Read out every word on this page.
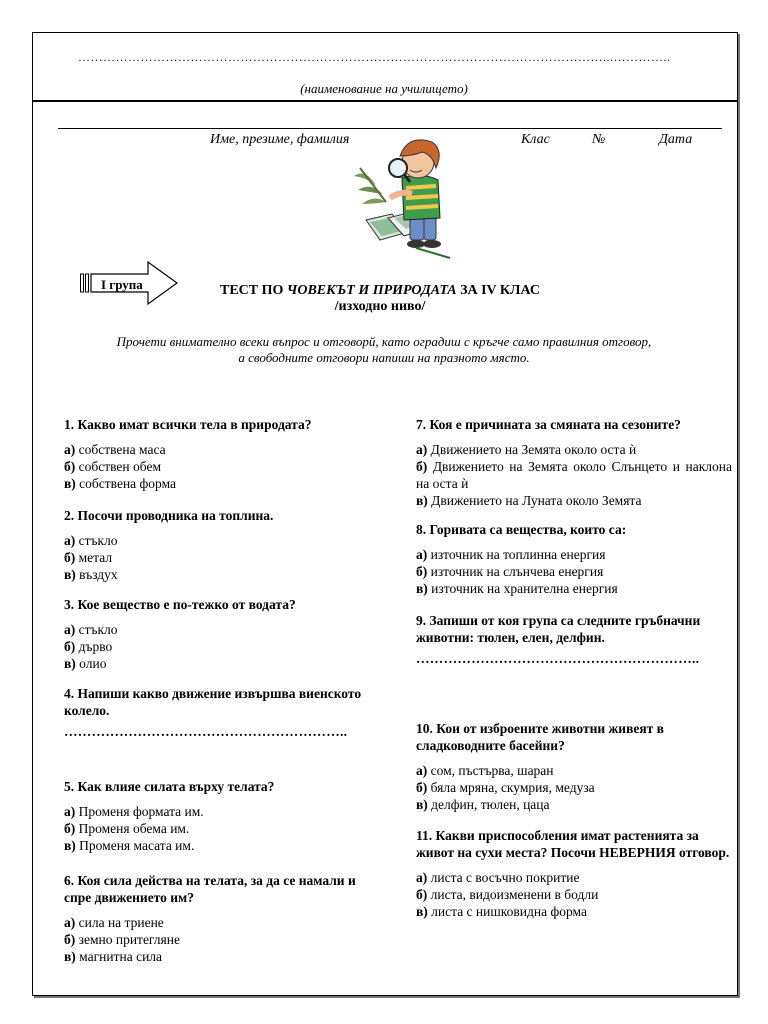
………………………………………………………………………………………………………………...…………..
(наименование на училището)
Име, презиме, фамилия	Клас	№	Дата
I група	ТЕСТ ПО ЧОВЕКЪТ И ПРИРОДАТА ЗА IV КЛАС
/изходно ниво/
Прочети внимателно всеки въпрос и отговорй, като оградиш с кръгче само правилния отговор,
а свободните отговори напиши на празното място.
1. Какво имат всички тела в природата?
а) собствена маса
б) собствен обем
в) собствена форма
2. Посочи проводника на топлина.
а) стъкло
б) метал
в) въздух
3. Кое вещество е по-тежко от водата?
а) стъкло
б) дърво
в) олио
4. Напиши какво движение извършва виенското колело.
……………………………………………………..
5. Как влияе силата върху телата?
а) Променя формата им.
б) Променя обема им.
в) Променя масата им.
6. Коя сила действа на телата, за да се намали и спре движението им?
а) сила на триене
б) земно притегляне
в) магнитна сила
7. Коя е причината за смяната на сезоните?
а) Движението на Земята около оста ѝ
б) Движението на Земята около Слънцето и наклона на оста ѝ
в) Движението на Луната около Земята
8. Горивата са вещества, които са:
а) източник на топлинна енергия
б) източник на слънчева енергия
в) източник на хранителна енергия
9. Запиши от коя група са следните гръбначни животни: тюлен, елен, делфин.
……………………………………………………..
10. Кои от изброените животни живеят в сладководните басейни?
а) сом, пъстърва, шаран
б) бяла мряна, скумрия, медуза
в) делфин, тюлен, цаца
11. Какви приспособления имат растенията за живот на сухи места? Посочи НЕВЕРНИЯ отговор.
а) листа с восъчно покритие
б) листа, видоизменени в бодли
в) листа с нишковидна форма
